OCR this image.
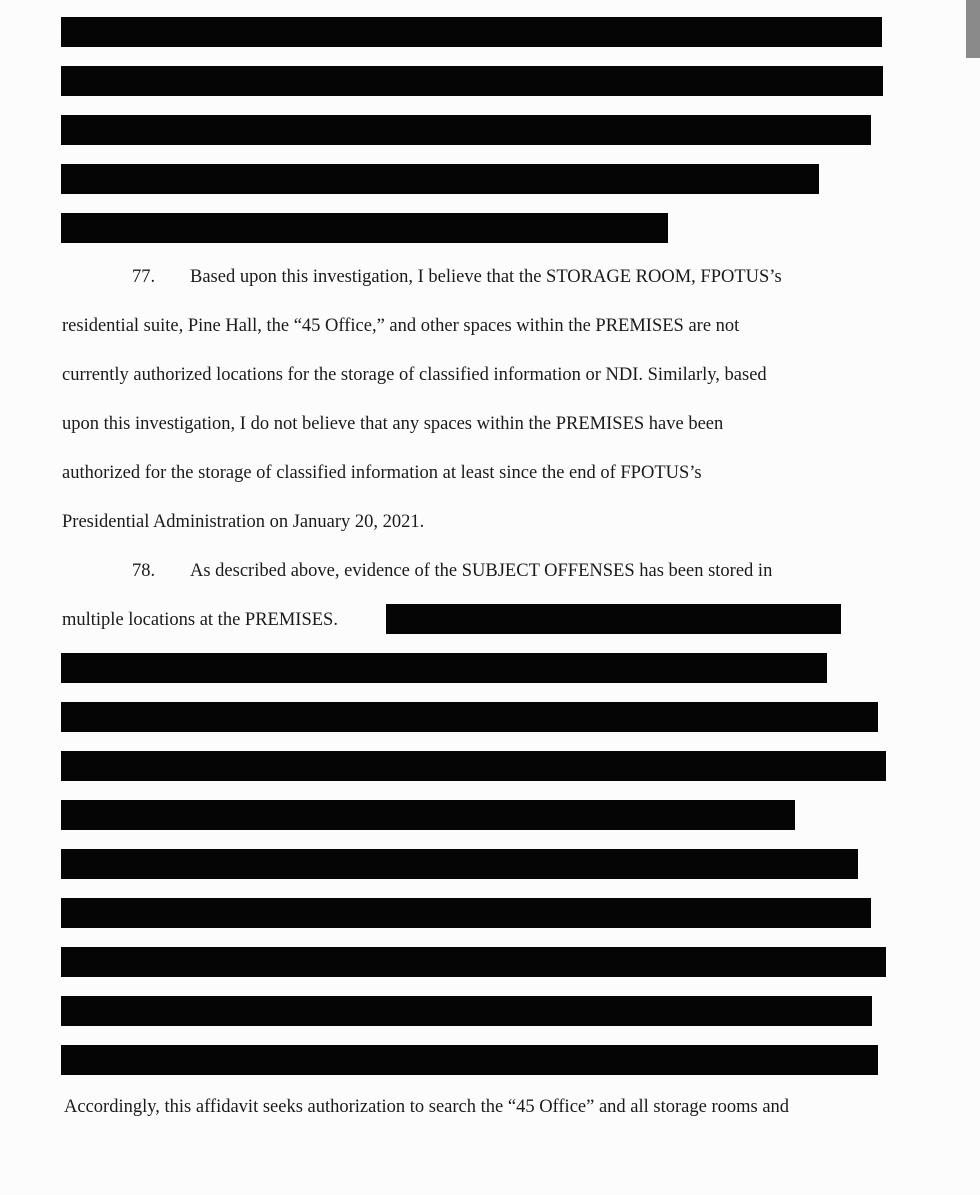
77. Based upon this investigation, I believe that the STORAGE ROOM, FPOTUS’s
residential suite, Pine Hall, the “45 Office,” and other spaces within the PREMISES are not
currently authorized locations for the storage of classified information or NDI. Similarly, based
upon this investigation, I do not believe that any spaces within the PREMISES have been
authorized for the storage of classified information at least since the end of FPOTUS’s
Presidential Administration on January 20, 2021.
78. As described above, evidence of the SUBJECT OFFENSES has been stored in
multiple locations at the PREMISES.
Accordingly, this affidavit seeks authorization to search the “45 Office” and all storage rooms and
